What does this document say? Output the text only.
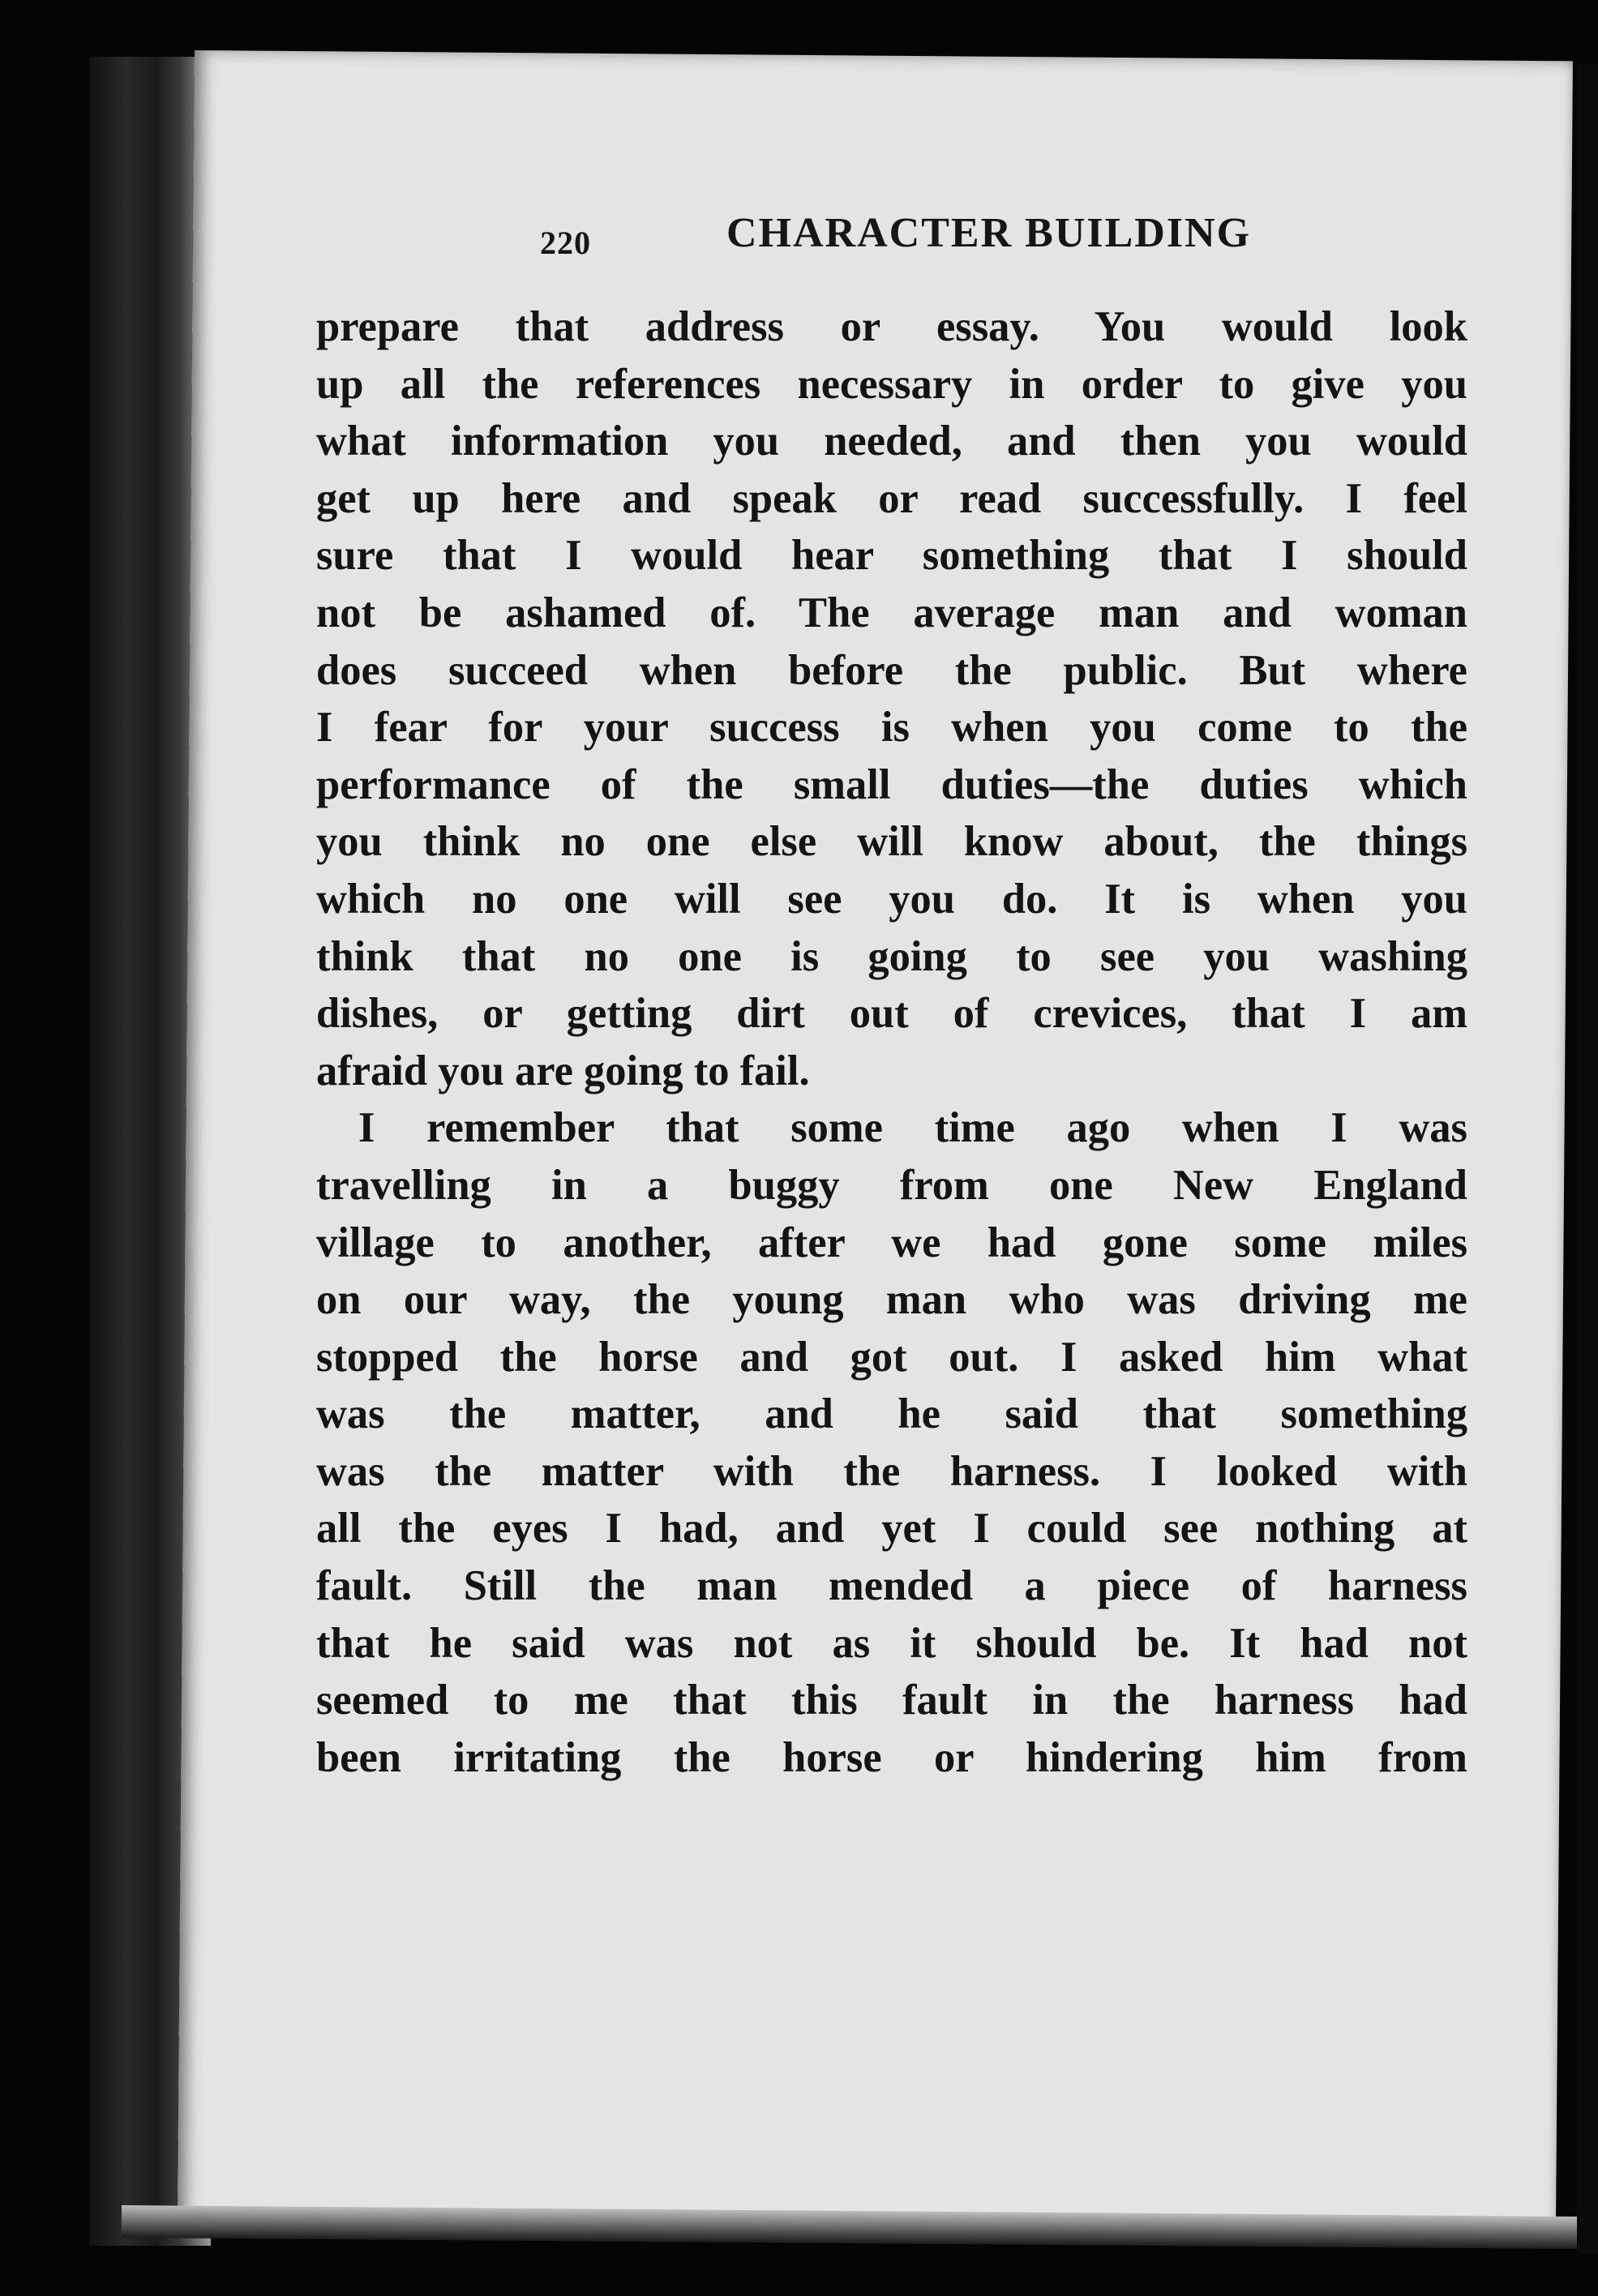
220	CHARACTER BUILDING
prepare that address or essay. You would look
up all the references necessary in order to give you
what information you needed, and then you would
get up here and speak or read successfully. I feel
sure that I would hear something that I should
not be ashamed of. The average man and woman
does succeed when before the public. But where
I fear for your success is when you come to the
performance of the small duties—the duties which
you think no one else will know about, the things
which no one will see you do. It is when you
think that no one is going to see you washing
dishes, or getting dirt out of crevices, that I am
afraid you are going to fail.
I remember that some time ago when I was
travelling in a buggy from one New England
village to another, after we had gone some miles
on our way, the young man who was driving me
stopped the horse and got out. I asked him what
was the matter, and he said that something
was the matter with the harness. I looked with
all the eyes I had, and yet I could see nothing at
fault. Still the man mended a piece of harness
that he said was not as it should be. It had not
seemed to me that this fault in the harness had
been irritating the horse or hindering him from
